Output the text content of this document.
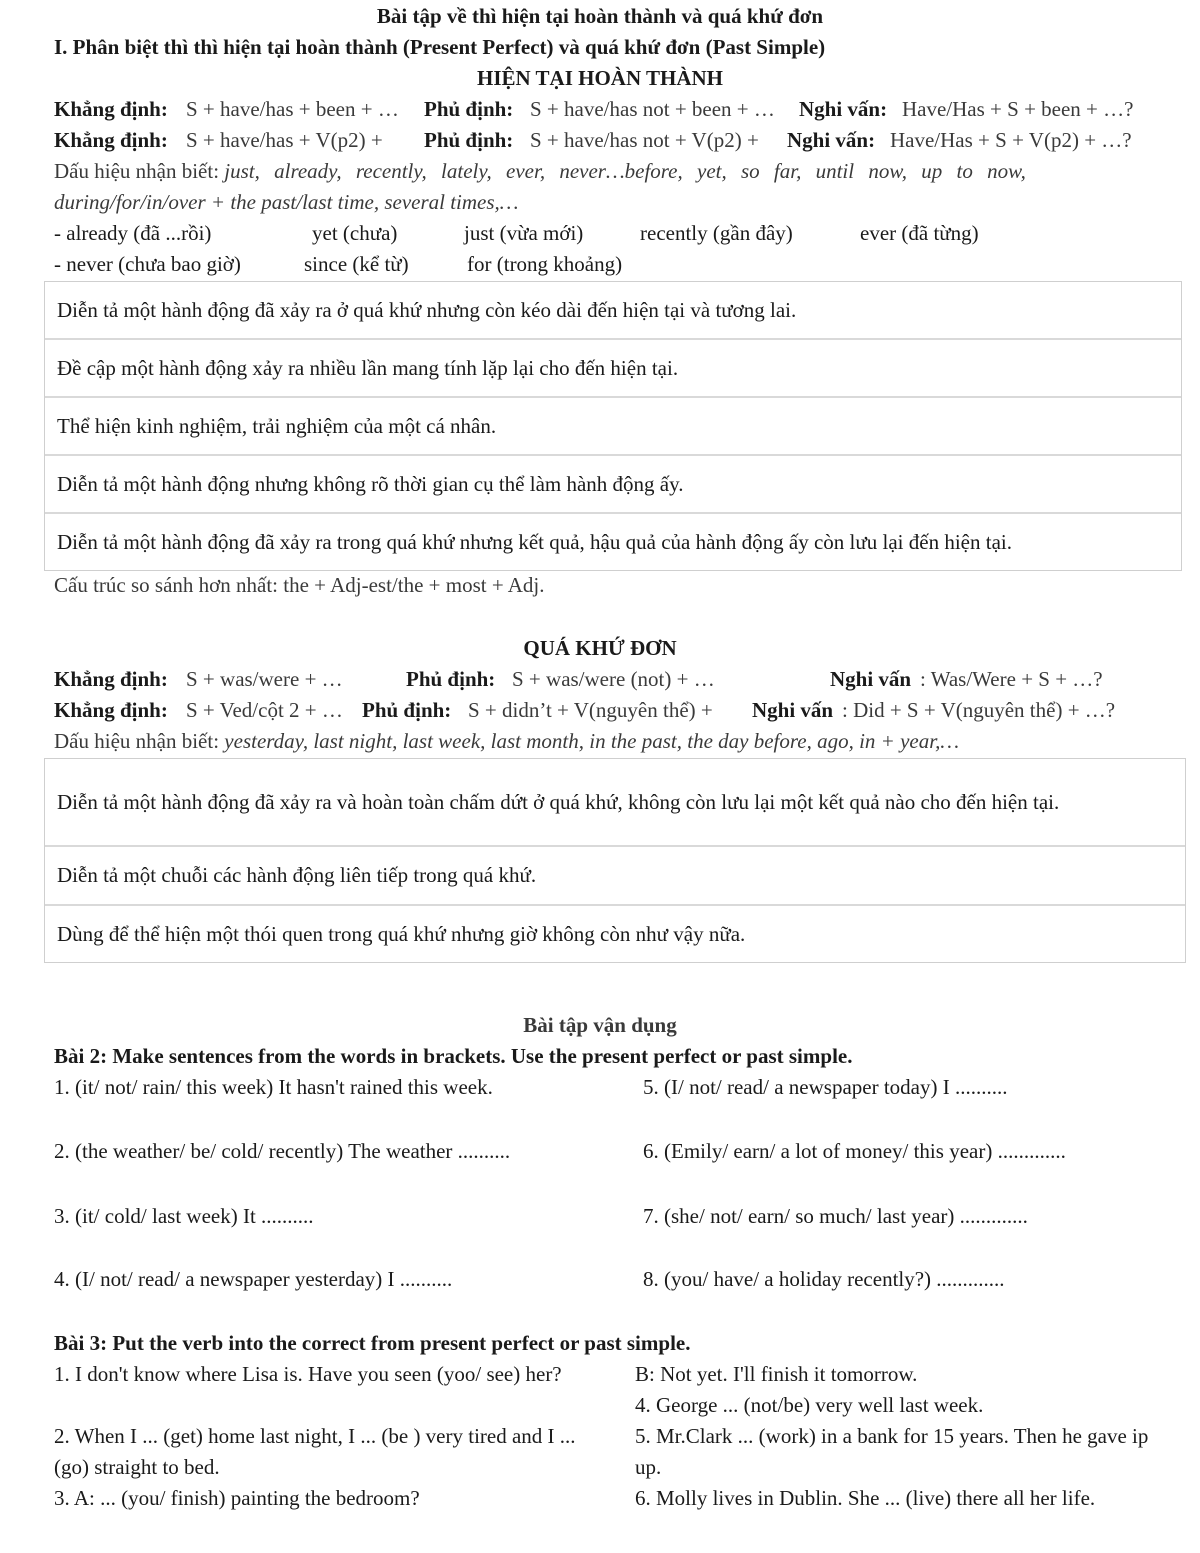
Bài tập về thì hiện tại hoàn thành và quá khứ đơn
I. Phân biệt thì thì hiện tại hoàn thành (Present Perfect) và quá khứ đơn (Past Simple)
HIỆN TẠI HOÀN THÀNH
Khẳng định: S + have/has + been + … Phủ định: S + have/has not + been + … Nghi vấn: Have/Has + S + been + …?
Khẳng định: S + have/has + V(p2) + Phủ định: S + have/has not + V(p2) + Nghi vấn: Have/Has + S + V(p2) + …?
Dấu hiệu nhận biết: just, already, recently, lately, ever, never…before, yet, so far, until now, up to now,
during/for/in/over + the past/last time, several times,…
- already (đã ...rồi)	yet (chưa)	just (vừa mới)	recently (gần đây)	ever (đã từng)
- never (chưa bao giờ)	since (kể từ)	for (trong khoảng)
Diễn tả một hành động đã xảy ra ở quá khứ nhưng còn kéo dài đến hiện tại và tương lai.
Đề cập một hành động xảy ra nhiều lần mang tính lặp lại cho đến hiện tại.
Thể hiện kinh nghiệm, trải nghiệm của một cá nhân.
Diễn tả một hành động nhưng không rõ thời gian cụ thể làm hành động ấy.
Diễn tả một hành động đã xảy ra trong quá khứ nhưng kết quả, hậu quả của hành động ấy còn lưu lại đến hiện tại.
Cấu trúc so sánh hơn nhất: the + Adj-est/the + most + Adj.
QUÁ KHỨ ĐƠN
Khẳng định: S + was/were + …	Phủ định: S + was/were (not) + …	Nghi vấn : Was/Were + S + …?
Khẳng định: S + Ved/cột 2 + … Phủ định: S + didn’t + V(nguyên thể) + Nghi vấn : Did + S + V(nguyên thể) + …?
Dấu hiệu nhận biết: yesterday, last night, last week, last month, in the past, the day before, ago, in + year,…
Diễn tả một hành động đã xảy ra và hoàn toàn chấm dứt ở quá khứ, không còn lưu lại một kết quả nào cho đến hiện tại.
Diễn tả một chuỗi các hành động liên tiếp trong quá khứ.
Dùng để thể hiện một thói quen trong quá khứ nhưng giờ không còn như vậy nữa.
Bài tập vận dụng
Bài 2: Make sentences from the words in brackets. Use the present perfect or past simple.
1. (it/ not/ rain/ this week) It hasn't rained this week.	5. (I/ not/ read/ a newspaper today) I ..........
2. (the weather/ be/ cold/ recently) The weather ..........	6. (Emily/ earn/ a lot of money/ this year) .............
3. (it/ cold/ last week) It ..........	7. (she/ not/ earn/ so much/ last year) .............
4. (I/ not/ read/ a newspaper yesterday) I ..........	8. (you/ have/ a holiday recently?) .............
Bài 3: Put the verb into the correct from present perfect or past simple.
1. I don't know where Lisa is. Have you seen (yoo/ see) her?
2. When I ... (get) home last night, I ... (be ) very tired and I ... (go) straight to bed.
3. A: ... (you/ finish) painting the bedroom?
B: Not yet. I'll finish it tomorrow.
4. George ... (not/be) very well last week.
5. Mr.Clark ... (work) in a bank for 15 years. Then he gave ip up.
6. Molly lives in Dublin. She ... (live) there all her life.
